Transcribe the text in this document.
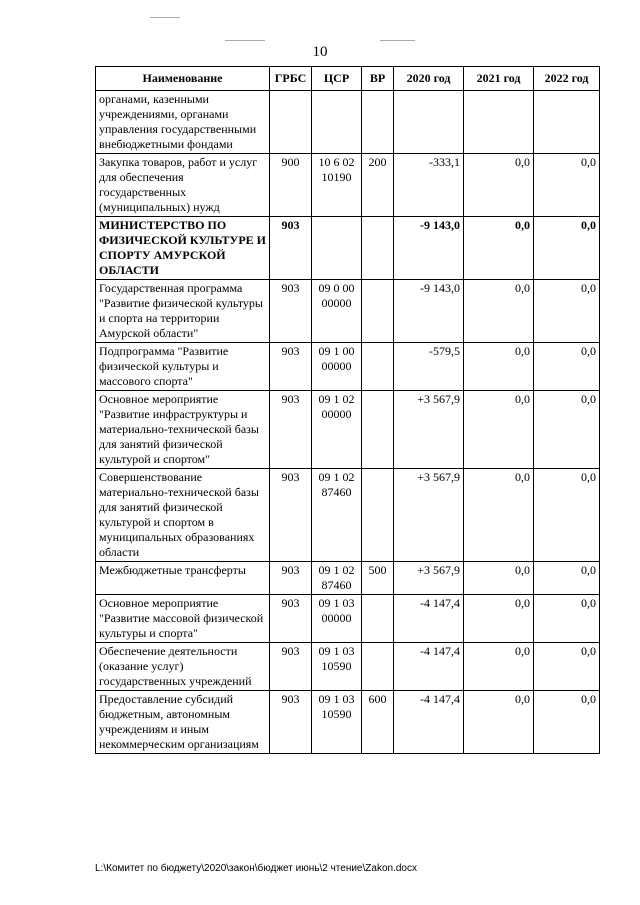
10
Наименование	ГРБС	ЦСР	ВР	2020 год	2021 год	2022 год
органами, казенными учреждениями, органами управления государственными внебюджетными фондами						
Закупка товаров, работ и услуг для обеспечения государственных (муниципальных) нужд	900	10 6 02 10190	200	-333,1	0,0	0,0
МИНИСТЕРСТВО ПО ФИЗИЧЕСКОЙ КУЛЬТУРЕ И СПОРТУ АМУРСКОЙ ОБЛАСТИ	903			-9 143,0	0,0	0,0
Государственная программа "Развитие физической культуры и спорта на территории Амурской области"	903	09 0 00 00000		-9 143,0	0,0	0,0
Подпрограмма "Развитие физической культуры и массового спорта"	903	09 1 00 00000		-579,5	0,0	0,0
Основное мероприятие "Развитие инфраструктуры и материально-технической базы для занятий физической культурой и спортом"	903	09 1 02 00000		+3 567,9	0,0	0,0
Совершенствование материально-технической базы для занятий физической культурой и спортом в муниципальных образованиях области	903	09 1 02 87460		+3 567,9	0,0	0,0
Межбюджетные трансферты	903	09 1 02 87460	500	+3 567,9	0,0	0,0
Основное мероприятие "Развитие массовой физической культуры и спорта"	903	09 1 03 00000		-4 147,4	0,0	0,0
Обеспечение деятельности (оказание услуг) государственных учреждений	903	09 1 03 10590		-4 147,4	0,0	0,0
Предоставление субсидий бюджетным, автономным учреждениям и иным некоммерческим организациям	903	09 1 03 10590	600	-4 147,4	0,0	0,0
L:\Комитет по бюджету\2020\закон\бюджет июнь\2 чтение\Zakon.docx
